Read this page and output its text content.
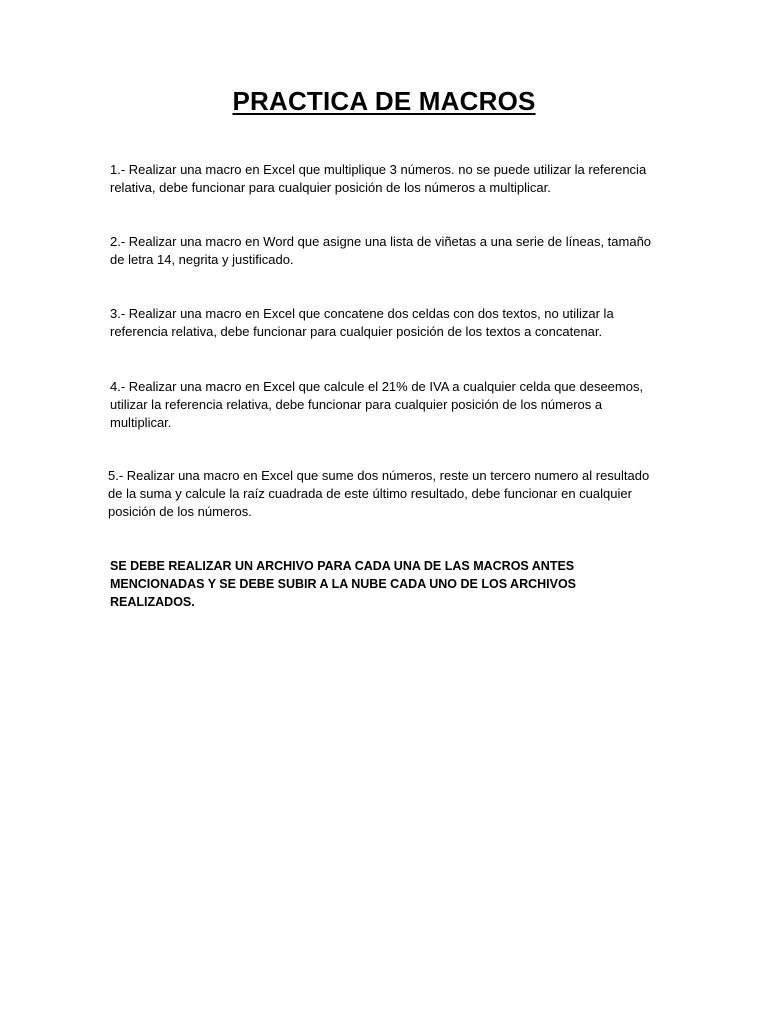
PRACTICA DE MACROS
1.- Realizar una macro en Excel que multiplique 3 números. no se puede utilizar la referencia relativa, debe funcionar para cualquier posición de los números a multiplicar.
2.- Realizar una macro en Word que asigne una lista de viñetas a una serie de líneas, tamaño de letra 14, negrita y justificado.
3.- Realizar una macro en Excel que concatene dos celdas con dos textos, no utilizar la referencia relativa, debe funcionar para cualquier posición de los textos a concatenar.
4.- Realizar una macro en Excel que calcule el 21% de IVA a cualquier celda que deseemos, utilizar la referencia relativa, debe funcionar para cualquier posición de los números a multiplicar.
5.- Realizar una macro en Excel que sume dos números, reste un tercero numero al resultado de la suma y calcule la raíz cuadrada de este último resultado, debe funcionar en cualquier posición de los números.
SE DEBE REALIZAR UN ARCHIVO PARA CADA UNA DE LAS MACROS ANTES MENCIONADAS Y SE DEBE SUBIR A LA NUBE CADA UNO DE LOS ARCHIVOS REALIZADOS.
